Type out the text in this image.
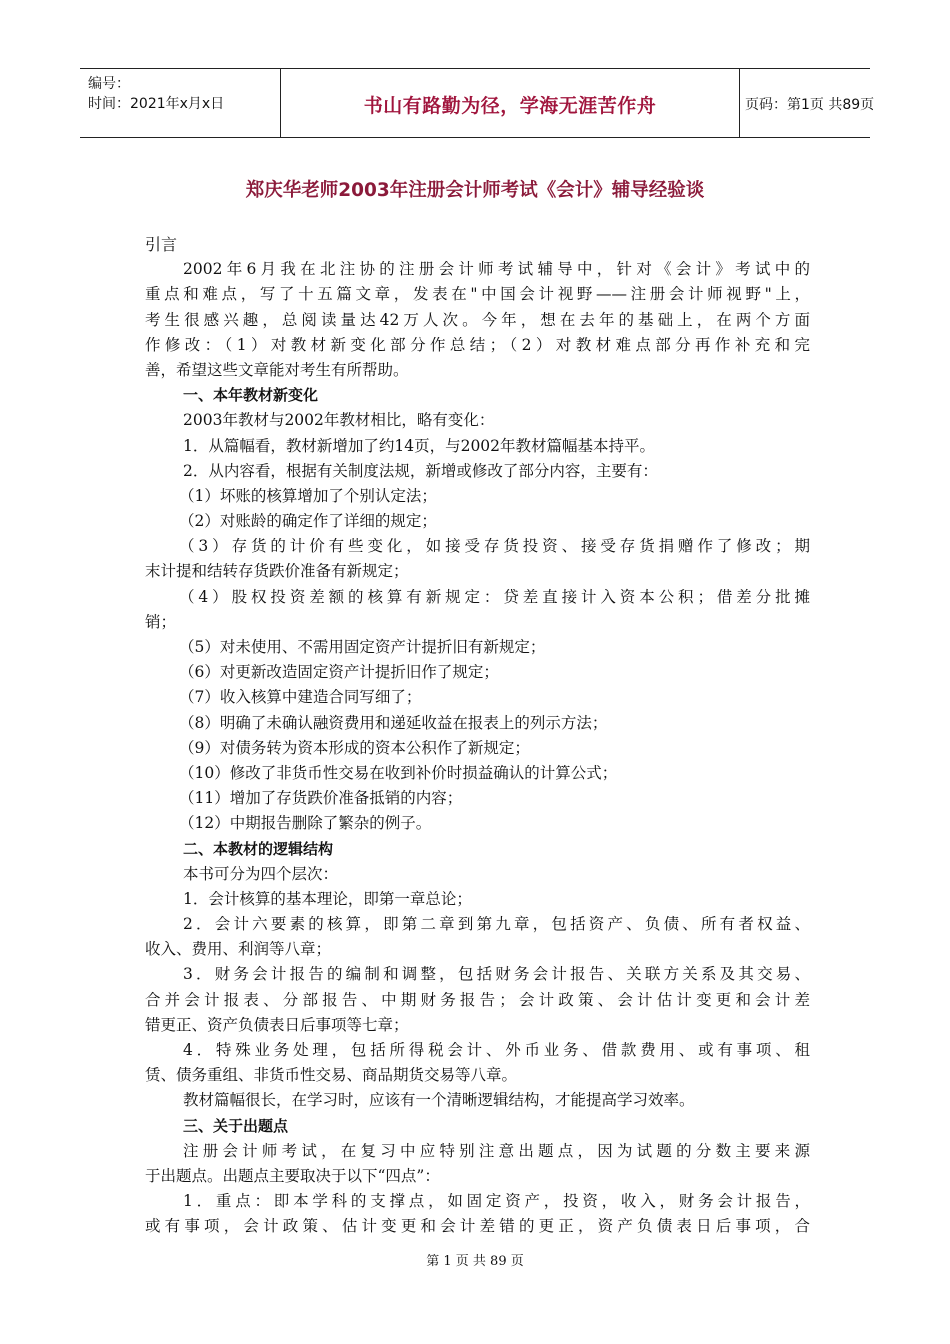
编号：
时间：2021年x月x日	书山有路勤为径，学海无涯苦作舟	页码：第1页 共89页
郑庆华老师2003年注册会计师考试《会计》辅导经验谈
引言
2002年6月我在北注协的注册会计师考试辅导中，针对《会计》考试中的
重点和难点，写了十五篇文章，发表在"中国会计视野——注册会计师视野"上，
考生很感兴趣，总阅读量达42万人次。今年，想在去年的基础上，在两个方面
作修改：（1）对教材新变化部分作总结；（2）对教材难点部分再作补充和完
善，希望这些文章能对考生有所帮助。
一、本年教材新变化
2003年教材与2002年教材相比，略有变化：
1．从篇幅看，教材新增加了约14页，与2002年教材篇幅基本持平。
2．从内容看，根据有关制度法规，新增或修改了部分内容，主要有：
（1）坏账的核算增加了个别认定法；
（2）对账龄的确定作了详细的规定；
（3）存货的计价有些变化，如接受存货投资、接受存货捐赠作了修改；期
末计提和结转存货跌价准备有新规定；
（4）股权投资差额的核算有新规定：贷差直接计入资本公积；借差分批摊
销；
（5）对未使用、不需用固定资产计提折旧有新规定；
（6）对更新改造固定资产计提折旧作了规定；
（7）收入核算中建造合同写细了；
（8）明确了未确认融资费用和递延收益在报表上的列示方法；
（9）对债务转为资本形成的资本公积作了新规定；
（10）修改了非货币性交易在收到补价时损益确认的计算公式；
（11）增加了存货跌价准备抵销的内容；
（12）中期报告删除了繁杂的例子。
二、本教材的逻辑结构
本书可分为四个层次：
1．会计核算的基本理论，即第一章总论；
2．会计六要素的核算，即第二章到第九章，包括资产、负债、所有者权益、
收入、费用、利润等八章；
3．财务会计报告的编制和调整，包括财务会计报告、关联方关系及其交易、
合并会计报表、分部报告、中期财务报告；会计政策、会计估计变更和会计差
错更正、资产负债表日后事项等七章；
4．特殊业务处理，包括所得税会计、外币业务、借款费用、或有事项、租
赁、债务重组、非货币性交易、商品期货交易等八章。
教材篇幅很长，在学习时，应该有一个清晰逻辑结构，才能提高学习效率。
三、关于出题点
注册会计师考试，在复习中应特别注意出题点，因为试题的分数主要来源
于出题点。出题点主要取决于以下“四点”：
1．重点：即本学科的支撑点，如固定资产，投资，收入，财务会计报告，
或有事项，会计政策、估计变更和会计差错的更正，资产负债表日后事项，合
第 1 页 共 89 页
